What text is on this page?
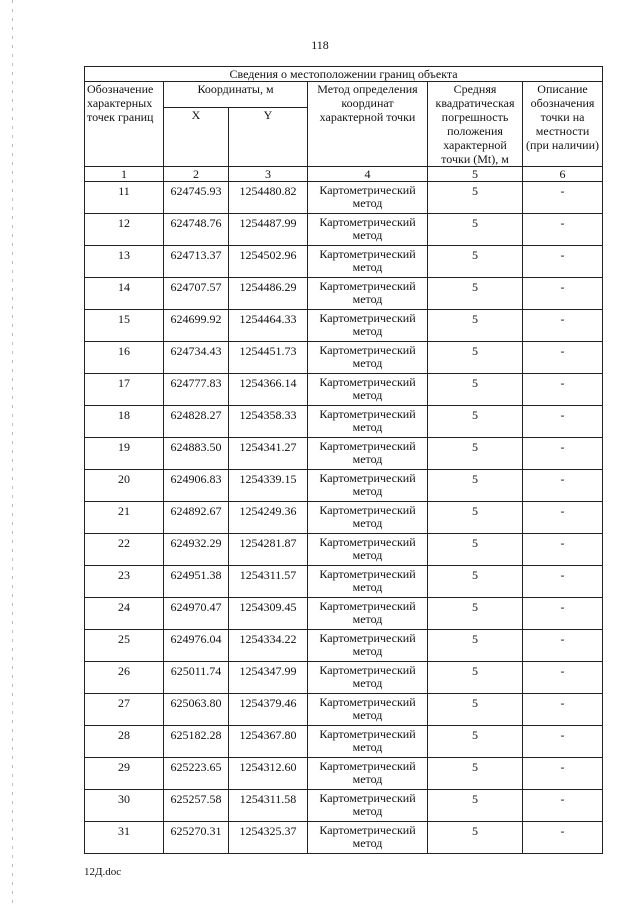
118
Сведения о местоположении границ объекта					
Обозначение характерных точек границ	Координаты, м		Метод определения координат характерной точки	Средняя квадратическая погрешность положения характерной точки (Mt), м	Описание обозначения точки на местности (при наличии)
	X	Y			
1	2	3	4	5	6
11	624745.93	1254480.82	Картометрический метод	5	-
12	624748.76	1254487.99	Картометрический метод	5	-
13	624713.37	1254502.96	Картометрический метод	5	-
14	624707.57	1254486.29	Картометрический метод	5	-
15	624699.92	1254464.33	Картометрический метод	5	-
16	624734.43	1254451.73	Картометрический метод	5	-
17	624777.83	1254366.14	Картометрический метод	5	-
18	624828.27	1254358.33	Картометрический метод	5	-
19	624883.50	1254341.27	Картометрический метод	5	-
20	624906.83	1254339.15	Картометрический метод	5	-
21	624892.67	1254249.36	Картометрический метод	5	-
22	624932.29	1254281.87	Картометрический метод	5	-
23	624951.38	1254311.57	Картометрический метод	5	-
24	624970.47	1254309.45	Картометрический метод	5	-
25	624976.04	1254334.22	Картометрический метод	5	-
26	625011.74	1254347.99	Картометрический метод	5	-
27	625063.80	1254379.46	Картометрический метод	5	-
28	625182.28	1254367.80	Картометрический метод	5	-
29	625223.65	1254312.60	Картометрический метод	5	-
30	625257.58	1254311.58	Картометрический метод	5	-
31	625270.31	1254325.37	Картометрический метод	5	-
12Д.doc
